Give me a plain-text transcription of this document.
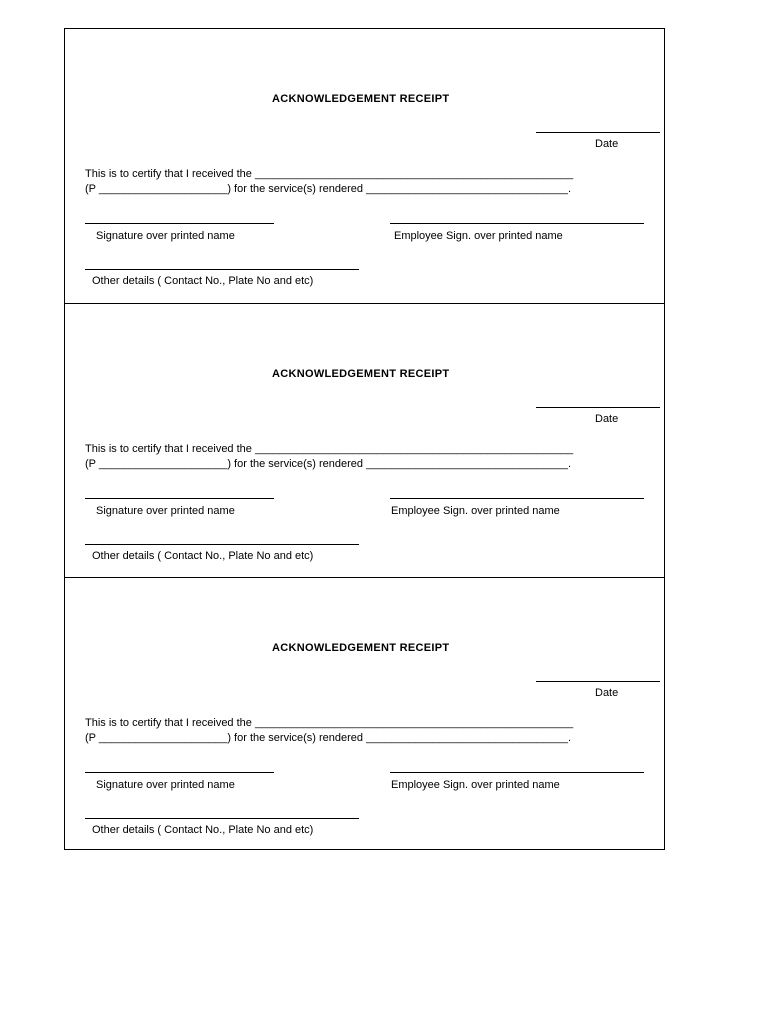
ACKNOWLEDGEMENT RECEIPT
Date
This is to certify that I received the ____________________________________________________
(P _____________________) for the service(s) rendered _________________________________.
Signature over printed name	Employee Sign. over printed name
Other details ( Contact No., Plate No and etc)
ACKNOWLEDGEMENT RECEIPT
Date
This is to certify that I received the ____________________________________________________
(P _____________________) for the service(s) rendered _________________________________.
Signature over printed name	Employee Sign. over printed name
Other details ( Contact No., Plate No and etc)
ACKNOWLEDGEMENT RECEIPT
Date
This is to certify that I received the ____________________________________________________
(P _____________________) for the service(s) rendered _________________________________.
Signature over printed name	Employee Sign. over printed name
Other details ( Contact No., Plate No and etc)
